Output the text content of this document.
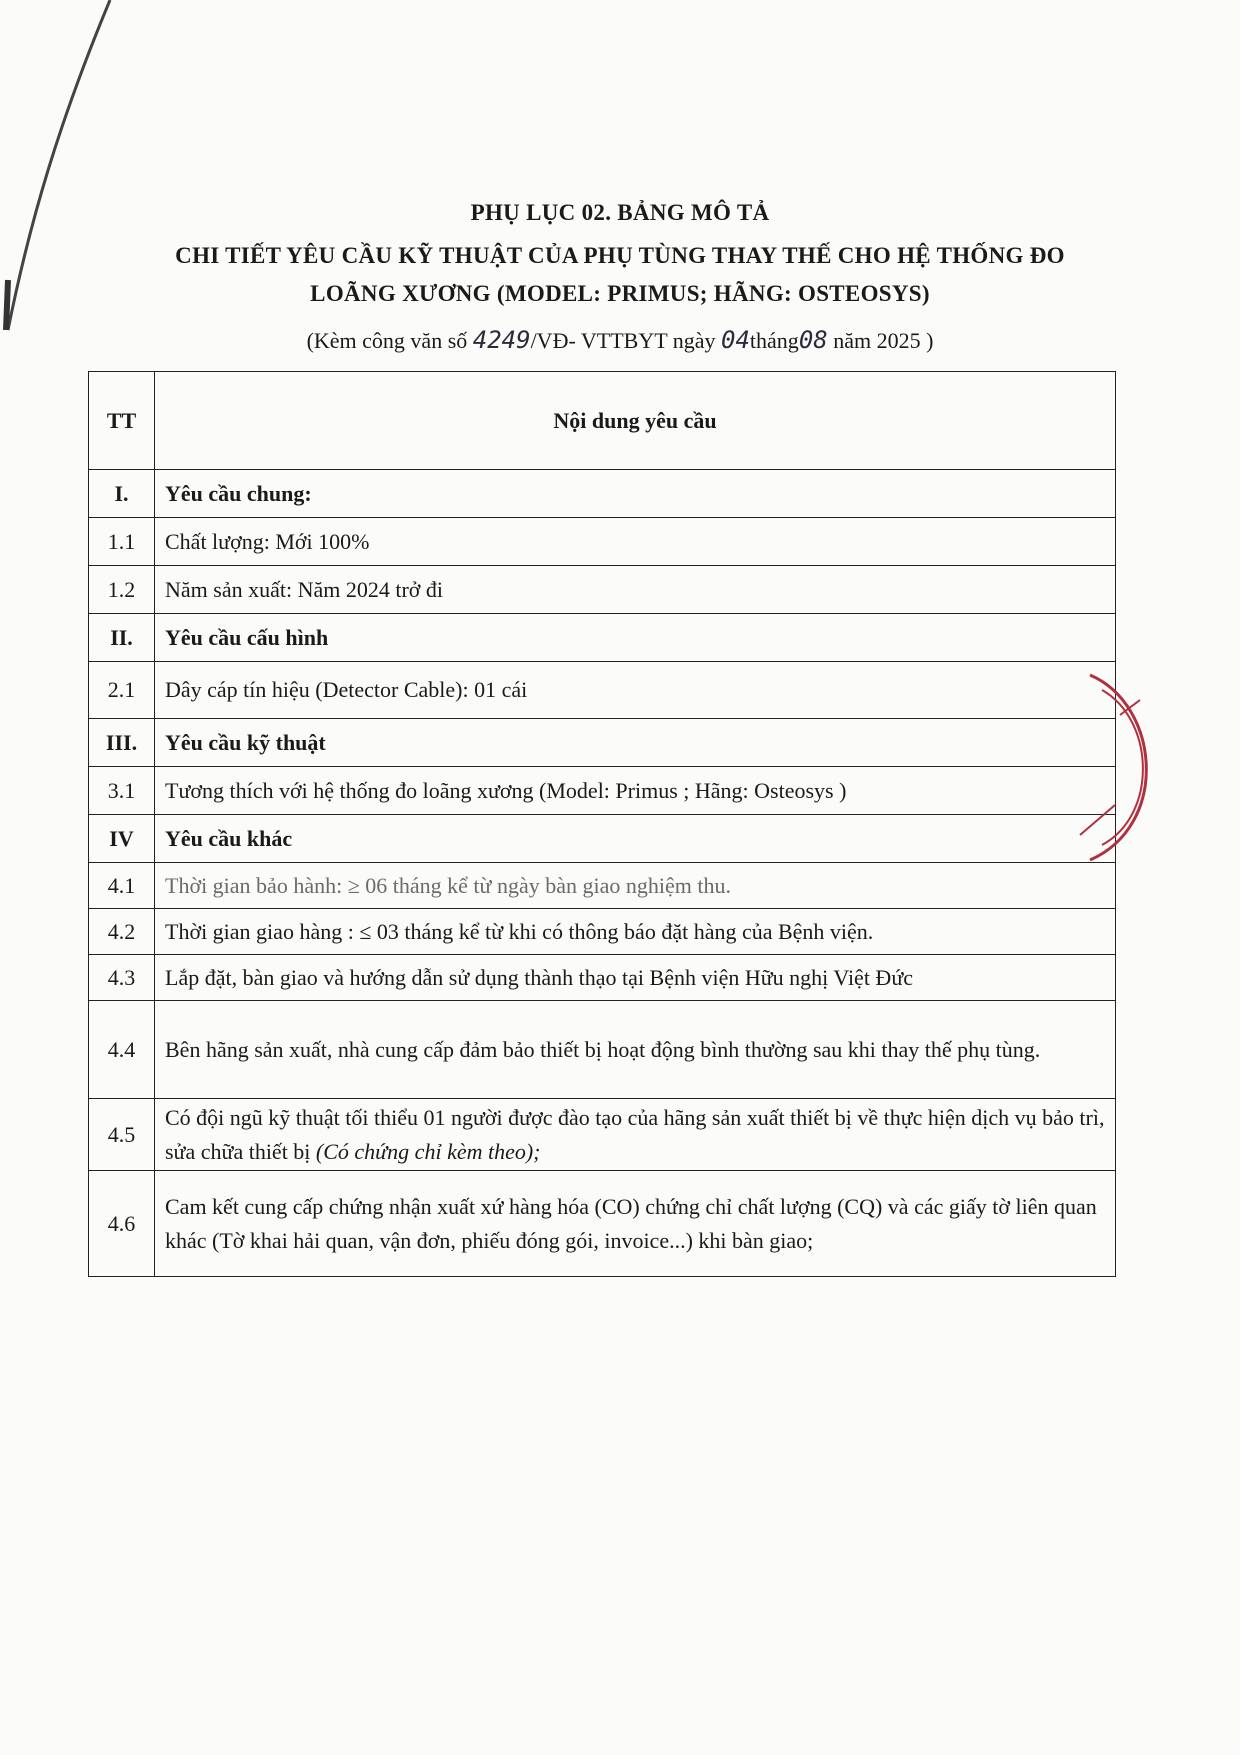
PHỤ LỤC 02. BẢNG MÔ TẢ
CHI TIẾT YÊU CẦU KỸ THUẬT CỦA PHỤ TÙNG THAY THẾ CHO HỆ THỐNG ĐO
LOÃNG XƯƠNG (MODEL: PRIMUS; HÃNG: OSTEOSYS)
(Kèm công văn số 4249/VĐ- VTTBYT ngày 04tháng08 năm 2025 )
TT	Nội dung yêu cầu
I.	Yêu cầu chung:
1.1	Chất lượng: Mới 100%
1.2	Năm sản xuất: Năm 2024 trở đi
II.	Yêu cầu cấu hình
2.1	Dây cáp tín hiệu (Detector Cable): 01 cái
III.	Yêu cầu kỹ thuật
3.1	Tương thích với hệ thống đo loãng xương (Model: Primus ; Hãng: Osteosys )
IV	Yêu cầu khác
4.1	Thời gian bảo hành: ≥ 06 tháng kể từ ngày bàn giao nghiệm thu.
4.2	Thời gian giao hàng : ≤ 03 tháng kể từ khi có thông báo đặt hàng của Bệnh viện.
4.3	Lắp đặt, bàn giao và hướng dẫn sử dụng thành thạo tại Bệnh viện Hữu nghị Việt Đức
4.4	Bên hãng sản xuất, nhà cung cấp đảm bảo thiết bị hoạt động bình thường sau khi thay thế phụ tùng.
4.5	Có đội ngũ kỹ thuật tối thiểu 01 người được đào tạo của hãng sản xuất thiết bị về thực hiện dịch vụ bảo trì, sửa chữa thiết bị (Có chứng chỉ kèm theo);
4.6	Cam kết cung cấp chứng nhận xuất xứ hàng hóa (CO) chứng chỉ chất lượng (CQ) và các giấy tờ liên quan khác (Tờ khai hải quan, vận đơn, phiếu đóng gói, invoice...) khi bàn giao;
